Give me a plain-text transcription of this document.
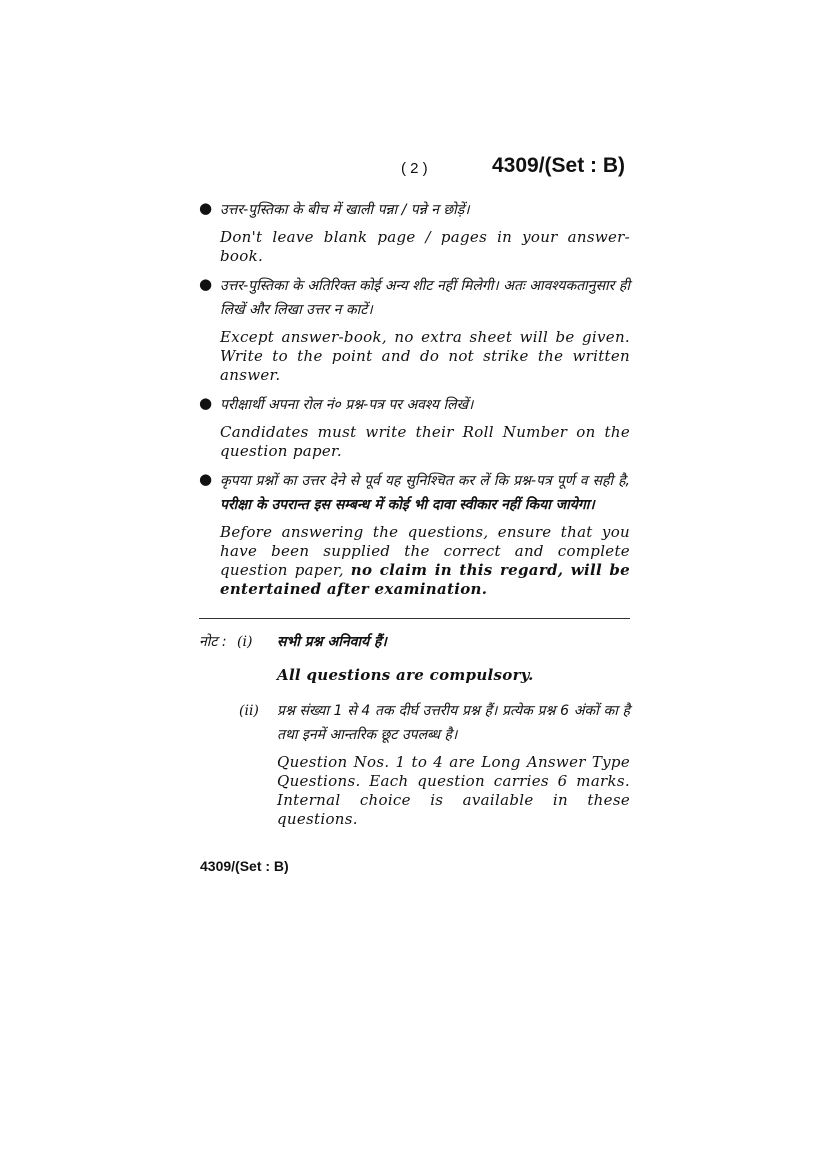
( 2 )	4309/(Set : B)
● उत्तर-पुस्तिका के बीच में खाली पन्ना / पन्ने न छोड़ें।

Don't leave blank page / pages in your answer-book.

● उत्तर-पुस्तिका के अतिरिक्त कोई अन्य शीट नहीं मिलेगी। अतः आवश्यकतानुसार ही लिखें और लिखा उत्तर न काटें।

Except answer-book, no extra sheet will be given. Write to the point and do not strike the written answer.

● परीक्षार्थी अपना रोल नं० प्रश्न-पत्र पर अवश्य लिखें।

Candidates must write their Roll Number on the question paper.

● कृपया प्रश्नों का उत्तर देने से पूर्व यह सुनिश्चित कर लें कि प्रश्न-पत्र पूर्ण व सही है, परीक्षा के उपरान्त इस सम्बन्ध में कोई भी दावा स्वीकार नहीं किया जायेगा।

Before answering the questions, ensure that you have been supplied the correct and complete question paper, no claim in this regard, will be entertained after examination.

नोट : (i) सभी प्रश्न अनिवार्य हैं।

All questions are compulsory.

(ii) प्रश्न संख्या 1 से 4 तक दीर्घ उत्तरीय प्रश्न हैं। प्रत्येक प्रश्न 6 अंकों का है तथा इनमें आन्तरिक छूट उपलब्ध है।

Question Nos. 1 to 4 are Long Answer Type Questions. Each question carries 6 marks. Internal choice is available in these questions.

4309/(Set : B)
